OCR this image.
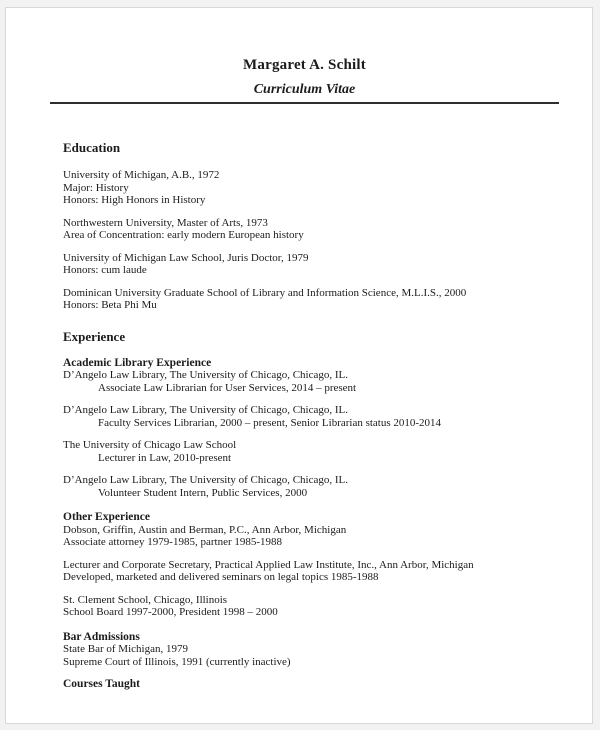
Margaret A. Schilt
Curriculum Vitae
Education
University of Michigan, A.B., 1972
Major: History
Honors: High Honors in History
Northwestern University, Master of Arts, 1973
Area of Concentration: early modern European history
University of Michigan Law School, Juris Doctor, 1979
Honors: cum laude
Dominican University Graduate School of Library and Information Science, M.L.I.S., 2000
Honors: Beta Phi Mu
Experience
Academic Library Experience
D’Angelo Law Library, The University of Chicago, Chicago, IL.
Associate Law Librarian for User Services, 2014 – present
D’Angelo Law Library, The University of Chicago, Chicago, IL.
Faculty Services Librarian, 2000 – present, Senior Librarian status 2010-2014
The University of Chicago Law School
Lecturer in Law, 2010-present
D’Angelo Law Library, The University of Chicago, Chicago, IL.
Volunteer Student Intern, Public Services, 2000
Other Experience
Dobson, Griffin, Austin and Berman, P.C., Ann Arbor, Michigan
Associate attorney 1979-1985, partner 1985-1988
Lecturer and Corporate Secretary, Practical Applied Law Institute, Inc., Ann Arbor, Michigan
Developed, marketed and delivered seminars on legal topics 1985-1988
St. Clement School, Chicago, Illinois
School Board 1997-2000, President 1998 – 2000
Bar Admissions
State Bar of Michigan, 1979
Supreme Court of Illinois, 1991 (currently inactive)
Courses Taught
